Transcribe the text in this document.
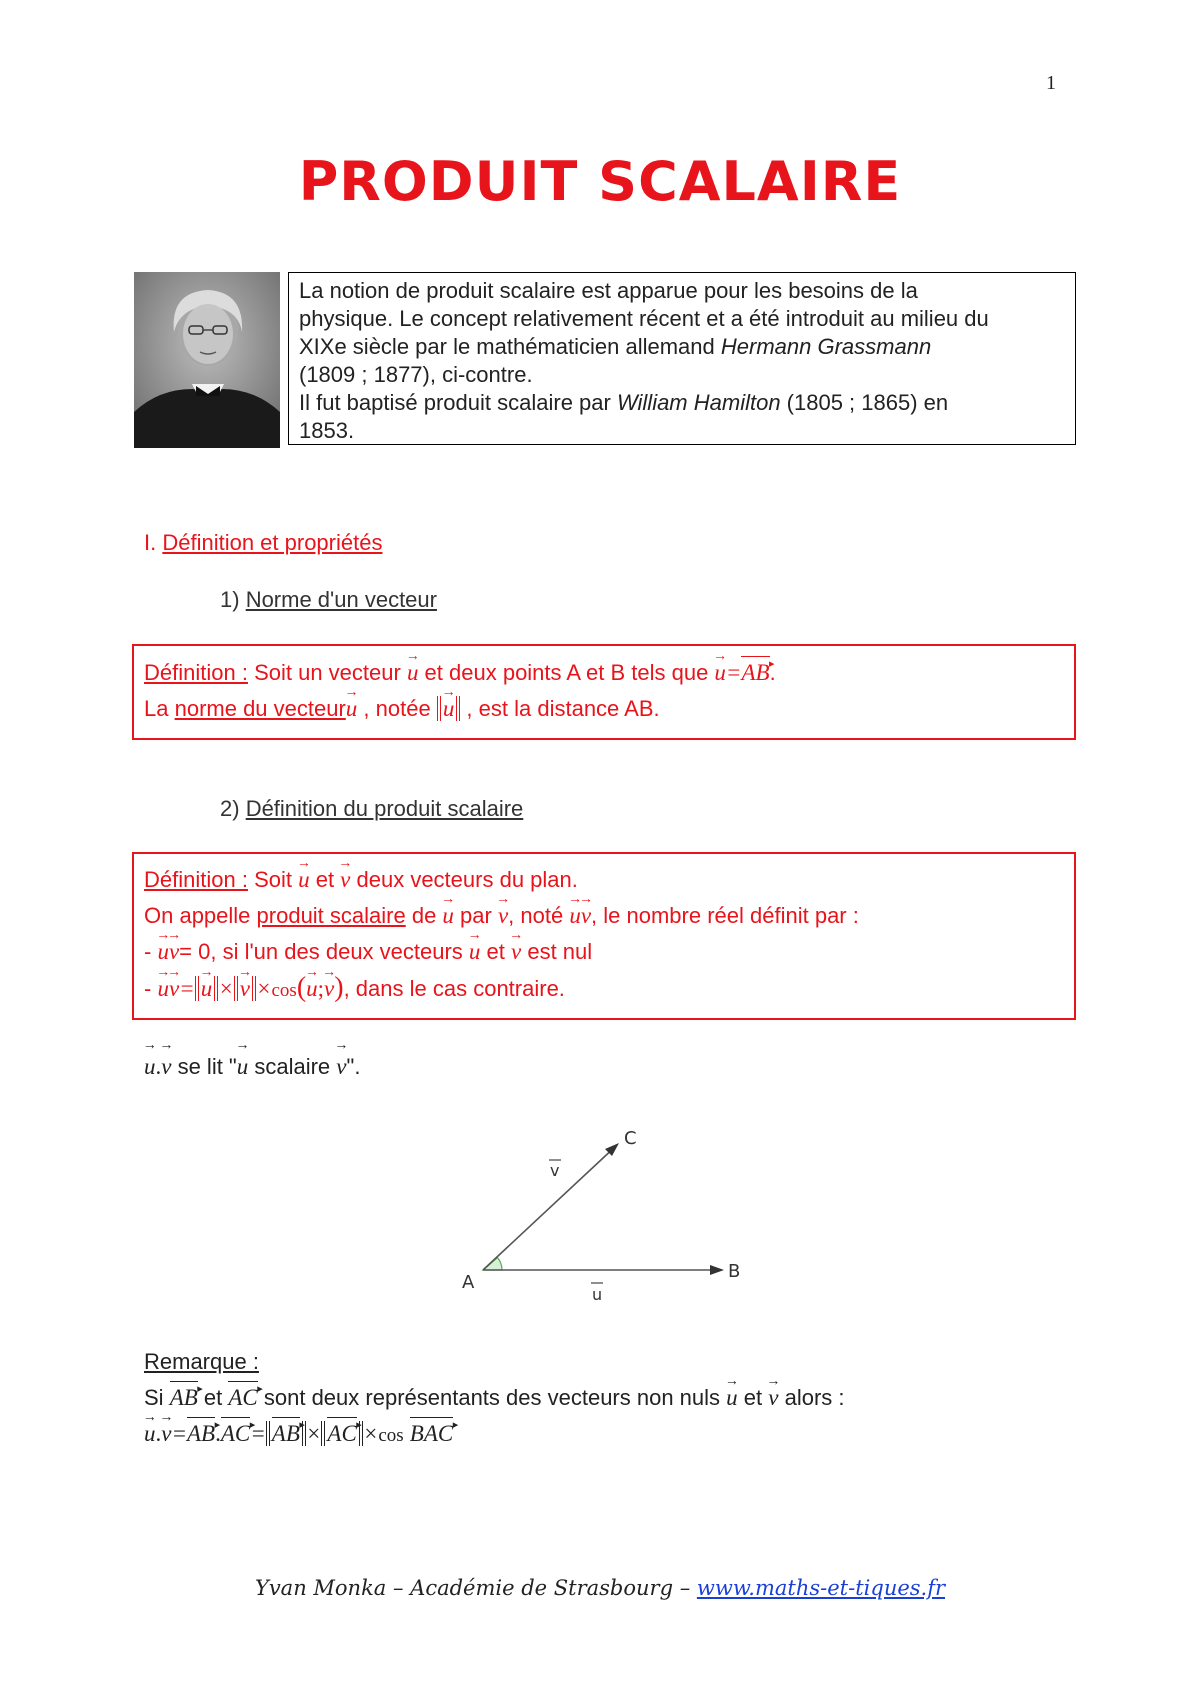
1
PRODUIT SCALAIRE
La notion de produit scalaire est apparue pour les besoins de la
physique. Le concept relativement récent et a été introduit au milieu du
XIXe siècle par le mathématicien allemand Hermann Grassmann
(1809 ; 1877), ci-contre.
Il fut baptisé produit scalaire par William Hamilton (1805 ; 1865) en
1853.
I. Définition et propriétés
1) Norme d'un vecteur
Définition : Soit un vecteur → u et deux points A et B tels que → u=AB ▸.
La norme du vecteur→ u , notée → u , est la distance AB.
2) Définition du produit scalaire
Définition : Soit → u et → v deux vecteurs du plan.
On appelle produit scalaire de → u par → v, noté → u→ v, le nombre réel définit par :
- → u→ v= 0, si l'un des deux vecteurs → u et → v est nul
- → u→ v= → u × → v ×cos(→ u;→ v), dans le cas contraire.
→ u.→ v se lit "→ u scalaire → v".
A
B
C
u
v
Remarque :
Si AB ▸ et AC ▸ sont deux représentants des vecteurs non nuls → u et → v alors :
→ u.→ v=AB ▸.AC ▸= AB ▸ × AC ▸ ×cos BAC ▸
Yvan Monka – Académie de Strasbourg – www.maths-et-tiques.fr
